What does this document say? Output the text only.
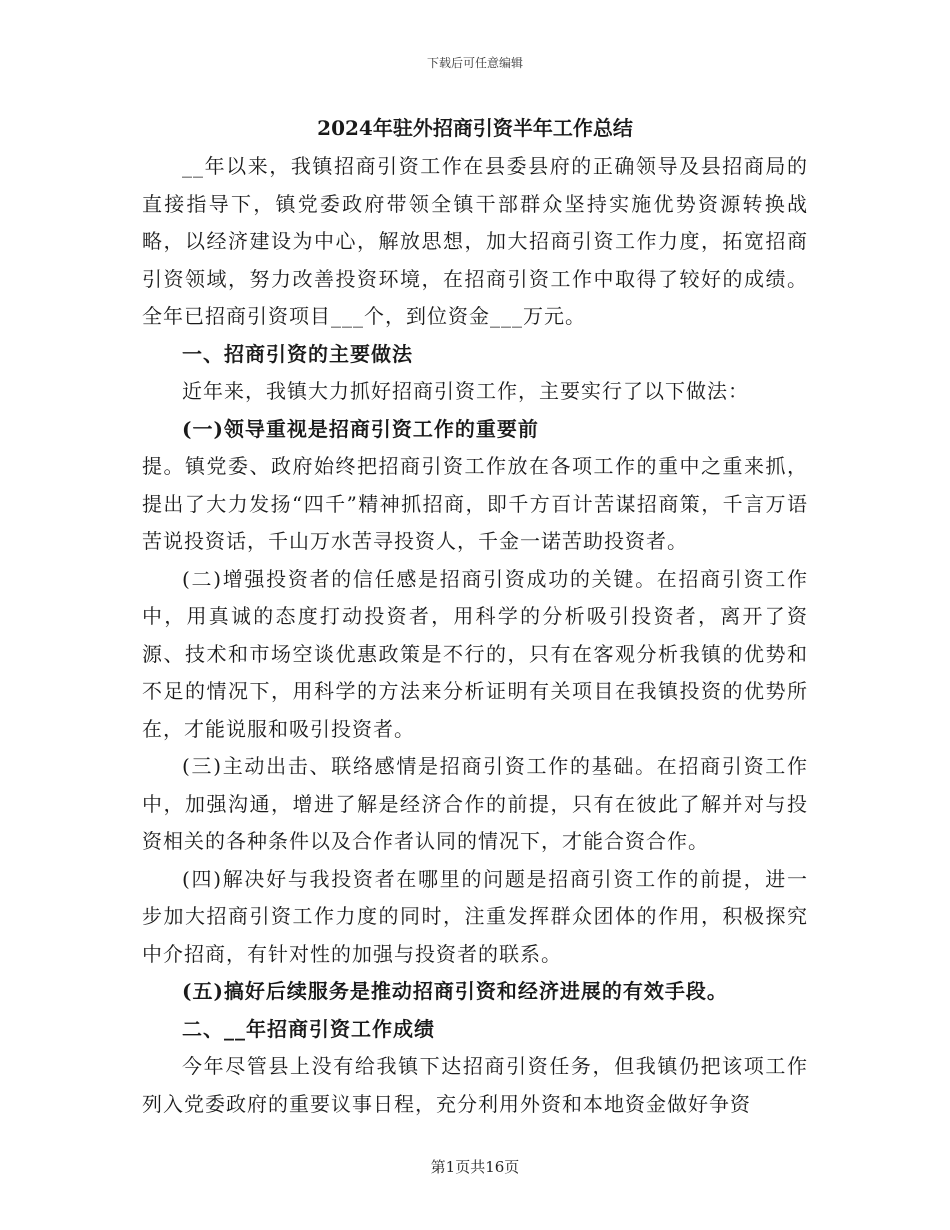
下载后可任意编辑
2024年驻外招商引资半年工作总结

__年以来，我镇招商引资工作在县委县府的正确领导及县招商局的直接指导下，镇党委政府带领全镇干部群众坚持实施优势资源转换战略，以经济建设为中心，解放思想，加大招商引资工作力度，拓宽招商引资领域，努力改善投资环境，在招商引资工作中取得了较好的成绩。全年已招商引资项目___个，到位资金___万元。

一、招商引资的主要做法

近年来，我镇大力抓好招商引资工作，主要实行了以下做法：

(一)领导重视是招商引资工作的重要前

提。镇党委、政府始终把招商引资工作放在各项工作的重中之重来抓，提出了大力发扬“四千”精神抓招商，即千方百计苦谋招商策，千言万语苦说投资话，千山万水苦寻投资人，千金一诺苦助投资者。

(二)增强投资者的信任感是招商引资成功的关键。在招商引资工作中，用真诚的态度打动投资者，用科学的分析吸引投资者，离开了资源、技术和市场空谈优惠政策是不行的，只有在客观分析我镇的优势和不足的情况下，用科学的方法来分析证明有关项目在我镇投资的优势所在，才能说服和吸引投资者。

(三)主动出击、联络感情是招商引资工作的基础。在招商引资工作中，加强沟通，增进了解是经济合作的前提，只有在彼此了解并对与投资相关的各种条件以及合作者认同的情况下，才能合资合作。

(四)解决好与我投资者在哪里的问题是招商引资工作的前提，进一步加大招商引资工作力度的同时，注重发挥群众团体的作用，积极探究中介招商，有针对性的加强与投资者的联系。

(五)搞好后续服务是推动招商引资和经济进展的有效手段。

二、__年招商引资工作成绩

今年尽管县上没有给我镇下达招商引资任务，但我镇仍把该项工作列入党委政府的重要议事日程，充分利用外资和本地资金做好争资

第1页共16页
